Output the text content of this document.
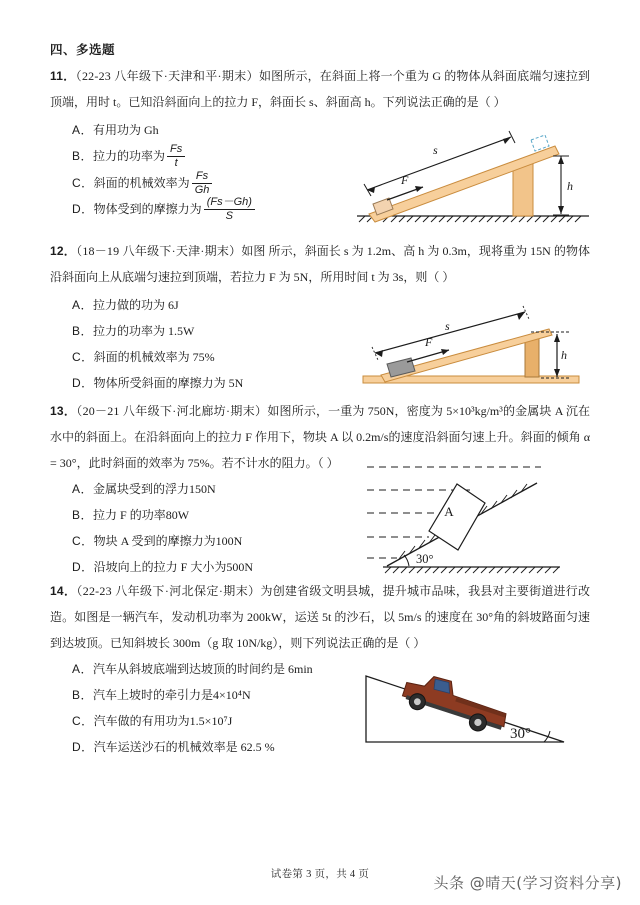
四、多选题
11．（22-23 八年级下·天津和平·期末）如图所示，在斜面上将一个重为 G 的物体从斜面底端匀速拉到顶端，用时 t。已知沿斜面向上的拉力 F，斜面长 s、斜面高 h。下列说法正确的是（ ）
A．有用功为 Gh
B．拉力的功率为 $\frac{Fs}{t}$
C．斜面的机械效率为 $\frac{Fs}{Gh}$
D．物体受到的摩擦力为 $\frac{(Fs-Gh)}{S}$
s
F	h
12．（18－19 八年级下·天津·期末）如图 所示，斜面长 s 为 1.2m、高 h 为 0.3m，现将重为 15N 的物体沿斜面向上从底端匀速拉到顶端，若拉力 F 为 5N，所用时间 t 为 3s，则（ ）
A．拉力做的功为 6J
B．拉力的功率为 1.5W
C．斜面的机械效率为 75%
D．物体所受斜面的摩擦力为 5N
s
F
h
13．（20－21 八年级下·河北廊坊·期末）如图所示，一重为 750N，密度为 5×10³kg/m³的金属块 A 沉在水中的斜面上。在沿斜面向上的拉力 F 作用下，物块 A 以 0.2m/s的速度沿斜面匀速上升。斜面的倾角 α = 30°，此时斜面的效率为 75%。若不计水的阻力。（ ）
A．金属块受到的浮力150N
B．拉力 F 的功率80W
C．物块 A 受到的摩擦力为100N
D．沿坡向上的拉力 F 大小为500N
A
30°
14．（22-23 八年级下·河北保定·期末）为创建省级文明县城，提升城市品味，我县对主要街道进行改造。如图是一辆汽车，发动机功率为 200kW，运送 5t 的沙石，以 5m/s 的速度在 30°角的斜坡路面匀速到达坡顶。已知斜坡长 300m（g 取 10N/kg），则下列说法正确的是（ ）
A．汽车从斜坡底端到达坡顶的时间约是 6min
B．汽车上坡时的牵引力是4×10⁴N
C．汽车做的有用功为1.5×10⁷J
D．汽车运送沙石的机械效率是 62.5 %
30°
试卷第 3 页，共 4 页	头条 @晴天(学习资料分享)
